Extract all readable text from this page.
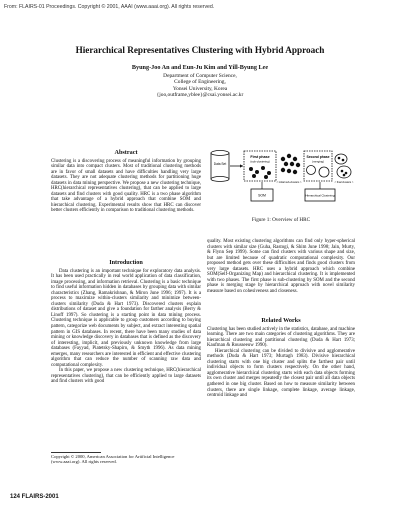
From: FLAIRS-01 Proceedings. Copyright © 2001, AAAI (www.aaai.org). All rights reserved.
Hierarchical Representatives Clustering with Hybrid Approach
Byung-Joo An and Eun-Ju Kim and Yill-Byung Lee
Department of Computer Science,
College of Engineering,
Yonsei University, Korea
{joo,outframe,yblee}@csai.yonsei.ac.kr
Abstract

Clustering is a discovering process of meaningful information by grouping similar data into compact clusters. Most of traditional clustering methods are in favor of small datasets and have difficulties handling very large datasets. They are not adequate clustering methods for partitioning huge datasets in data mining perspective. We propose a new clustering technique, HRC(hierarchical representatives clustering), that can be applied to large datasets and find clusters with good quality. HRC is a two phase algorithm that take advantage of a hybrid approach that combine SOM and hierarchical clustering. Experimental results show that HRC can discover better clusters efficiently in comparison to traditional clustering methods.

Introduction

Data clustering is an important technique for exploratory data analysis. It has been used practically in real world application of data classification, image processing, and information retrieval. Clustering is a basic technique to find useful information hidden in databases by grouping data with similar characteristics (Zhang, Ramakrishnan, & Miron June 1996; 1997). It is a process to maximize within-clusters similarity and minimize between-clusters similarity (Duda & Hart 1973). Discovered clusters explain distributions of dataset and give a foundation for farther analysis (Berry & Linoff 1997). So clustering is a starting point in data mining process. Clustering technique is applicable to group customers according to buying pattern, categorize web documents by subject, and extract interesting spatial pattern in GIS databases. In recent, there have been many studies of data mining or knowledge discovery in databases that is defined as the discovery of interesting, implicit, and previously unknown knowledge from large databases (Fayyad, Piatetsky-Shapiro, & Smyth 1996). As data mining emerges, many researchers are interested in efficient and effective clustering algorithm that can reduce the number of scanning raw data and computational complexity.

In this paper, we propose a new clustering technique, HRC(hierarchical representatives clustering), that can be efficiently applied to large datasets and find clusters with good

Data Set
First phase
(sub-clustering)
< initial sub-clusters >
Second phase
(merging)
< final clusters >
SOM	Hierarchical Clustering
Figure 1: Overview of HRC

quality. Most existing clustering algorithms can find only hyper-spherical clusters with similar size (Guha, Rastogi, & Shim June 1998; Jain, Murty, & Flynn Sep 1999). Some can find clusters with various shape and size, but are limited because of quadratic computational complexity. Our proposed method gets over these difficulties and finds good clusters from very large datasets. HRC uses a hybrid approach which combine SOM(Self-Organizing Map) and hierarchical clustering. It is implemented with two phases. The first phase is sub-clustering by SOM and the second phase is merging stage by hierarchical approach with novel similarity measure based on cohesiveness and closeness.

Related Works

Clustering has been studied actively in the statistics, database, and machine learning. There are two main categories of clustering algorithms. They are hierarchical clustering and partitional clustering (Duda & Hart 1973; Kaufman & Rousseeuw 1990).

Hierarchical clustering can be divided to divisive and agglomerative methods (Duda & Hart 1973; Murtagh 1983). Divisive hierarchical clustering starts with one big cluster and splits the farthest pair until individual objects to form clusters respectively. On the other hand, agglomerative hierarchical clustering starts with each data objects forming its own cluster and merges repeatedly the closest pair until all data objects gathered in one big cluster. Based on how to measure similarity between clusters, there are single linkage, complete linkage, average linkage, centroid linkage and

Copyright © 2000, American Association for Artificial Intelligence (www.aaai.org). All rights reserved.
124 FLAIRS-2001
